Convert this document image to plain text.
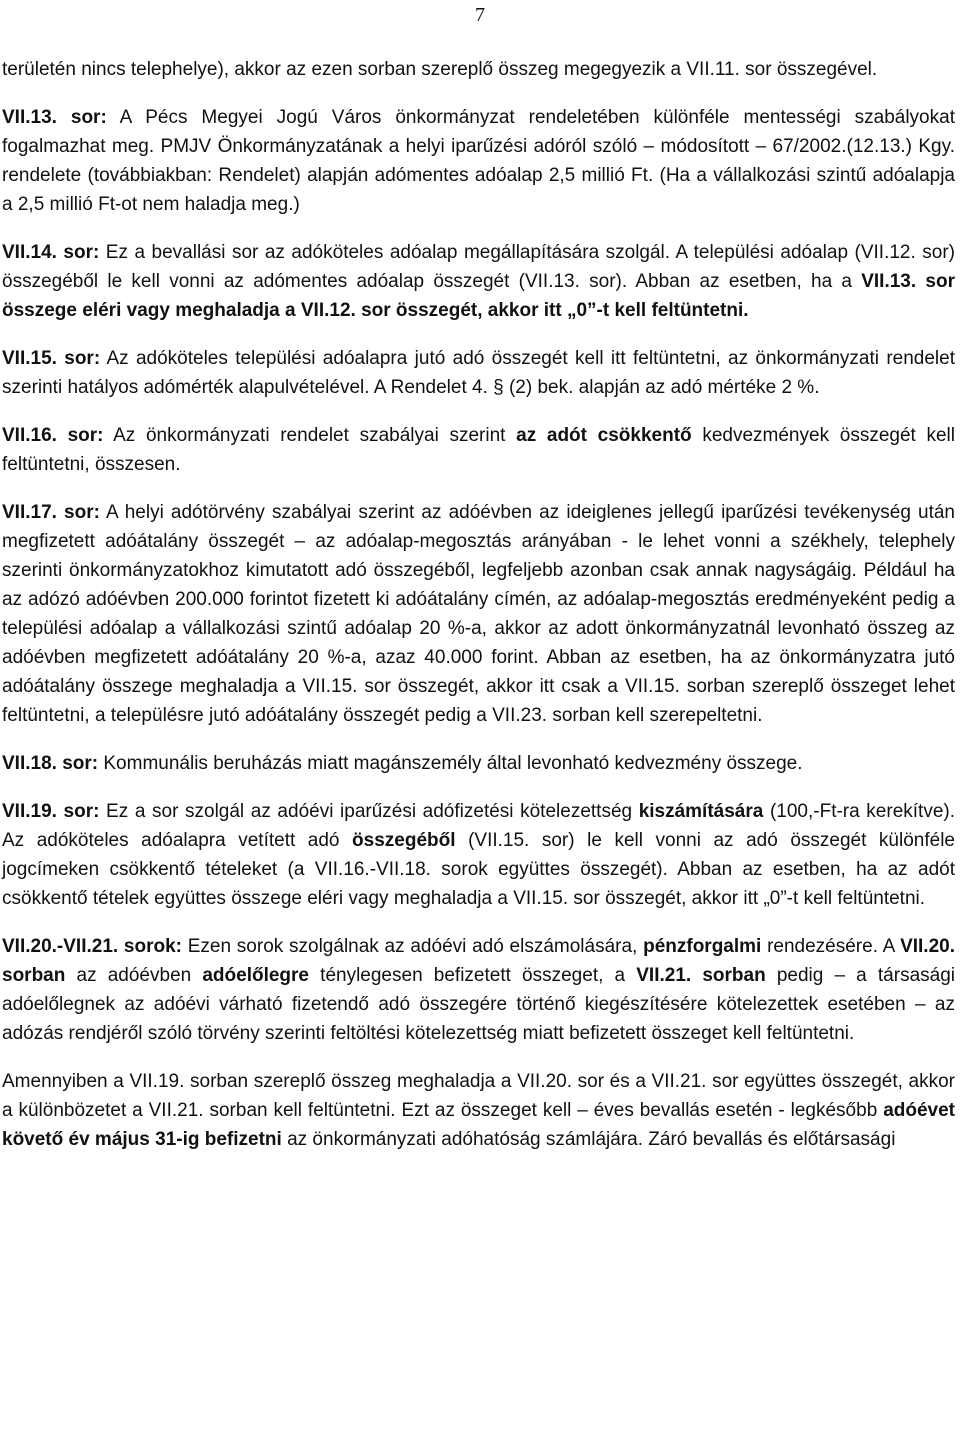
7

területén nincs telephelye), akkor az ezen sorban szereplő összeg megegyezik a VII.11. sor összegével.

VII.13. sor: A Pécs Megyei Jogú Város önkormányzat rendeletében különféle mentességi szabályokat fogalmazhat meg. PMJV Önkormányzatának a helyi iparűzési adóról szóló – módosított – 67/2002.(12.13.) Kgy. rendelete (továbbiakban: Rendelet) alapján adómentes adóalap 2,5 millió Ft. (Ha a vállalkozási szintű adóalapja a 2,5 millió Ft-ot nem haladja meg.)

VII.14. sor: Ez a bevallási sor az adóköteles adóalap megállapítására szolgál. A települési adóalap (VII.12. sor) összegéből le kell vonni az adómentes adóalap összegét (VII.13. sor). Abban az esetben, ha a VII.13. sor összege eléri vagy meghaladja a VII.12. sor összegét, akkor itt „0”-t kell feltüntetni.

VII.15. sor: Az adóköteles települési adóalapra jutó adó összegét kell itt feltüntetni, az önkormányzati rendelet szerinti hatályos adómérték alapulvételével. A Rendelet 4. § (2) bek. alapján az adó mértéke 2 %.

VII.16. sor: Az önkormányzati rendelet szabályai szerint az adót csökkentő kedvezmények összegét kell feltüntetni, összesen.

VII.17. sor: A helyi adótörvény szabályai szerint az adóévben az ideiglenes jellegű iparűzési tevékenység után megfizetett adóátalány összegét – az adóalap-megosztás arányában - le lehet vonni a székhely, telephely szerinti önkormányzatokhoz kimutatott adó összegéből, legfeljebb azonban csak annak nagyságáig. Például ha az adózó adóévben 200.000 forintot fizetett ki adóátalány címén, az adóalap-megosztás eredményeként pedig a települési adóalap a vállalkozási szintű adóalap 20 %-a, akkor az adott önkormányzatnál levonható összeg az adóévben megfizetett adóátalány 20 %-a, azaz 40.000 forint. Abban az esetben, ha az önkormányzatra jutó adóátalány összege meghaladja a VII.15. sor összegét, akkor itt csak a VII.15. sorban szereplő összeget lehet feltüntetni, a településre jutó adóátalány összegét pedig a VII.23. sorban kell szerepeltetni.

VII.18. sor: Kommunális beruházás miatt magánszemély által levonható kedvezmény összege.

VII.19. sor: Ez a sor szolgál az adóévi iparűzési adófizetési kötelezettség kiszámítására (100,-Ft-ra kerekítve). Az adóköteles adóalapra vetített adó összegéből (VII.15. sor) le kell vonni az adó összegét különféle jogcímeken csökkentő tételeket (a VII.16.-VII.18. sorok együttes összegét). Abban az esetben, ha az adót csökkentő tételek együttes összege eléri vagy meghaladja a VII.15. sor összegét, akkor itt „0”-t kell feltüntetni.

VII.20.-VII.21. sorok: Ezen sorok szolgálnak az adóévi adó elszámolására, pénzforgalmi rendezésére. A VII.20. sorban az adóévben adóelőlegre ténylegesen befizetett összeget, a VII.21. sorban pedig – a társasági adóelőlegnek az adóévi várható fizetendő adó összegére történő kiegészítésére kötelezettek esetében – az adózás rendjéről szóló törvény szerinti feltöltési kötelezettség miatt befizetett összeget kell feltüntetni.

Amennyiben a VII.19. sorban szereplő összeg meghaladja a VII.20. sor és a VII.21. sor együttes összegét, akkor a különbözetet a VII.21. sorban kell feltüntetni. Ezt az összeget kell – éves bevallás esetén - legkésőbb adóévet követő év május 31-ig befizetni az önkormányzati adóhatóság számlájára. Záró bevallás és előtársasági
